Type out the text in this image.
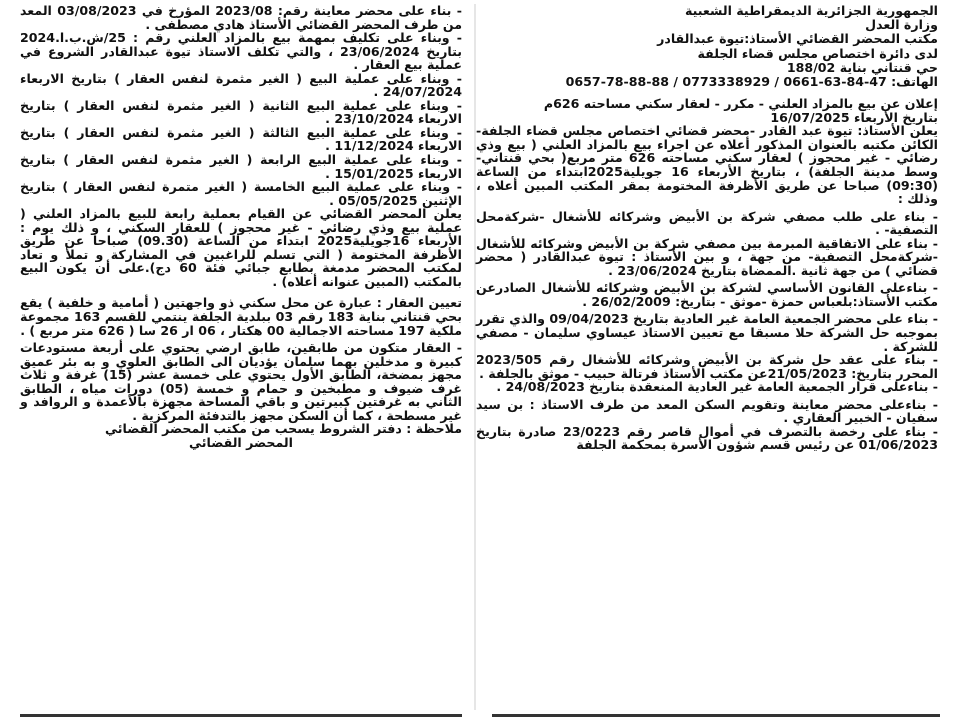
​

الجمهورية الجزائرية الديمقراطية الشعبية

وزارة العدل

مكتب المحضر القضائي الأستاذ:تيوة عبدالقادر

لدى دائرة اختصاص مجلس قضاء الجلفة

حي قنتاني بناية 188/02

الهاتف: 47-84-63-0661 / 0773338929 / 88-88-78-0657

إعلان عن بيع بالمزاد العلني - مكرر - لعقار سكني مساحته 626م

بتاريخ الأربعاء 16/07/2025

يعلن الأستاذ: تيوة عبد القادر -محضر قضائي اختصاص مجلس قضاء الجلفة- الكائن مكتبه بالعنوان المذكور أعلاه عن اجراء بيع بالمزاد العلني ( بيع وذي رضائي - غير محجوز ) لعقار سكني مساحته 626 متر مربع( بحي قنتاني- وسط مدينة الجلفة) ، بتاريخ الأربعاء 16 جويلية2025ابتداء من الساعة (09:30) صباحا عن طريق الأظرفة المختومة بمقر المكتب المبين أعلاه ، وذلك :

- بناء على طلب مصفي شركة بن الأبيض وشركائه للأشغال -شركةمحل التصفية- .

- بناء على الاتفاقية المبرمة بين مصفي شركة بن الأبيض وشركائه للأشغال -شركةمحل التصفية- من جهة ، و بين الأستاذ : تيوة عبدالقادر ( محضر قضائي ) من جهة ثانية .الممضاة بتاريخ 23/06/2024 .

- بناءعلى القانون الأساسي لشركة بن الأبيض وشركائه للأشغال الصادرعن مكتب الأستاذ:بلعباس حمزة -موثق - بتاريخ: 26/02/2009 .

- بناء على محضر الجمعية العامة غير العادية بتاريخ 09/04/2023 والذي تقرر بموجبه حل الشركة حلا مسبقا مع تعيين الاستاذ عيساوي سليمان - مصفي للشركة .

- بناء على عقد حل شركة بن الأبيض وشركائه للأشغال رقم 2023/505 المحرر بتاريخ: 21/05/2023عن مكتب الأستاذ فرتالة حبيب - موثق بالجلفة .

- بناءعلى قرار الجمعية العامة غير العادية المنعقدة بتاريخ 24/08/2023 .

- بناءعلى محضر معاينة وتقويم السكن المعد من طرف الاستاذ : بن سيد سفيان - الخبير العقاري .

- بناء على رخصة بالتصرف في أموال قاصر رقم 23/0223 صادرة بتاريخ 01/06/2023 عن رئيس قسم شؤون الأسرة بمحكمة الجلفة

- بناء على محضر معاينة رقم: 2023/08 المؤرخ في 03/08/2023 المعد من طرف المحضر القضائي الأستاذ هادي مصطفى .

- وبناء على تكليف بمهمة بيع بالمزاد العلني رقم : 25/ش.ب.ا.2024 بتاريخ 23/06/2024 ، والتي تكلف الاستاذ تيوة عبدالقادر الشروع في عملية بيع العقار .

- وبناء على عملية البيع ( الغير مثمرة لنفس العقار ) بتاريخ الاربعاء 24/07/2024 .

- وبناء على عملية البيع الثانية ( الغير مثمرة لنفس العقار ) بتاريخ الاربعاء 23/10/2024 .

- وبناء على عملية البيع الثالثة ( الغير مثمرة لنفس العقار ) بتاريخ الاربعاء 11/12/2024 .

- وبناء على عملية البيع الرابعة ( الغير مثمرة لنفس العقار ) بتاريخ الاربعاء 15/01/2025 .

- وبناء على عملية البيع الخامسة ( الغير متمرة لنفس العقار ) بتاريخ الإثنين 05/05/2025 .

يعلن المحضر القضائي عن القيام بعملية رابعة للبيع بالمزاد العلني ( عملية بيع وذي رضائي - غير محجوز ) للعقار السكني ، و ذلك يوم : الأربعاء 16جويلية2025 ابتداء من الساعة (09.30) صباحا عن طريق الأظرفة المختومة ( التي تسلم للراغبين في المشاركة و تملأ و تعاد لمكتب المحضر مدمغة بطابع جبائي فئة 60 دج).على أن يكون البيع بالمكتب (المبين عنوانه أعلاه) .

تعيين العقار : عبارة عن محل سكني ذو واجهتين ( أمامية و خلفية ) يقع بحي قنتاني بناية 183 رقم 03 ببلدية الجلفة ينتمي للقسم 163 مجموعة ملكية 197 مساحته الاجمالية 00 هكتار ، 06 ار 26 سا ( 626 متر مربع ) .

- العقار متكون من طابقين، طابق ارضي يحتوي على أربعة مستودعات كبيرة و مدخلين بهما سلمان يؤديان الى الطابق العلوي و به بئر عميق مجهز بمضخة، الطابق الأول يحتوي على خمسة عشر (15) غرفة و ثلاث غرف ضيوف و مطبخين و حمام و خمسة (05) دورات مياه ، الطابق الثاني به غرفتين كبيرتين و باقي المساحة مجهزة بالأعمدة و الروافد و غير مسطحة ، كما أن السكن مجهز بالتدفئة المركزية .

ملاحظة : دفتر الشروط يسحب من مكتب المحضر القضائي

المحضر القضائي
